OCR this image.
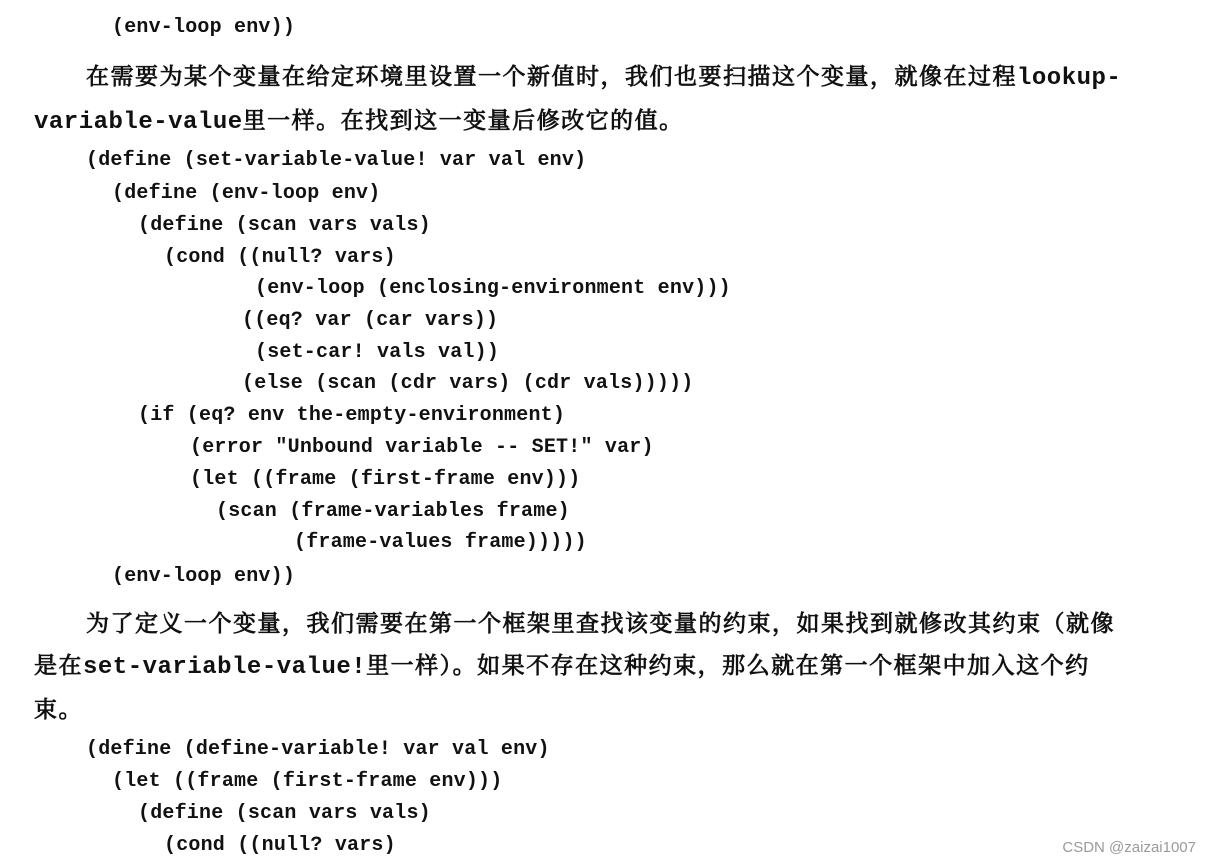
(env-loop env))
在需要为某个变量在给定环境里设置一个新值时，我们也要扫描这个变量，就像在过程lookup-variable-value里一样。在找到这一变量后修改它的值。
(define (set-variable-value! var val env)
(define (env-loop env)
(define (scan vars vals)
(cond ((null? vars)
(env-loop (enclosing-environment env)))
((eq? var (car vars))
(set-car! vals val))
(else (scan (cdr vars) (cdr vals)))))
(if (eq? env the-empty-environment)
(error "Unbound variable -- SET!" var)
(let ((frame (first-frame env)))
(scan (frame-variables frame)
(frame-values frame)))))
(env-loop env))
为了定义一个变量，我们需要在第一个框架里查找该变量的约束，如果找到就修改其约束（就像是在set-variable-value!里一样）。如果不存在这种约束，那么就在第一个框架中加入这个约束。
(define (define-variable! var val env)
(let ((frame (first-frame env)))
(define (scan vars vals)
(cond ((null? vars)	CSDN @zaizai1007
